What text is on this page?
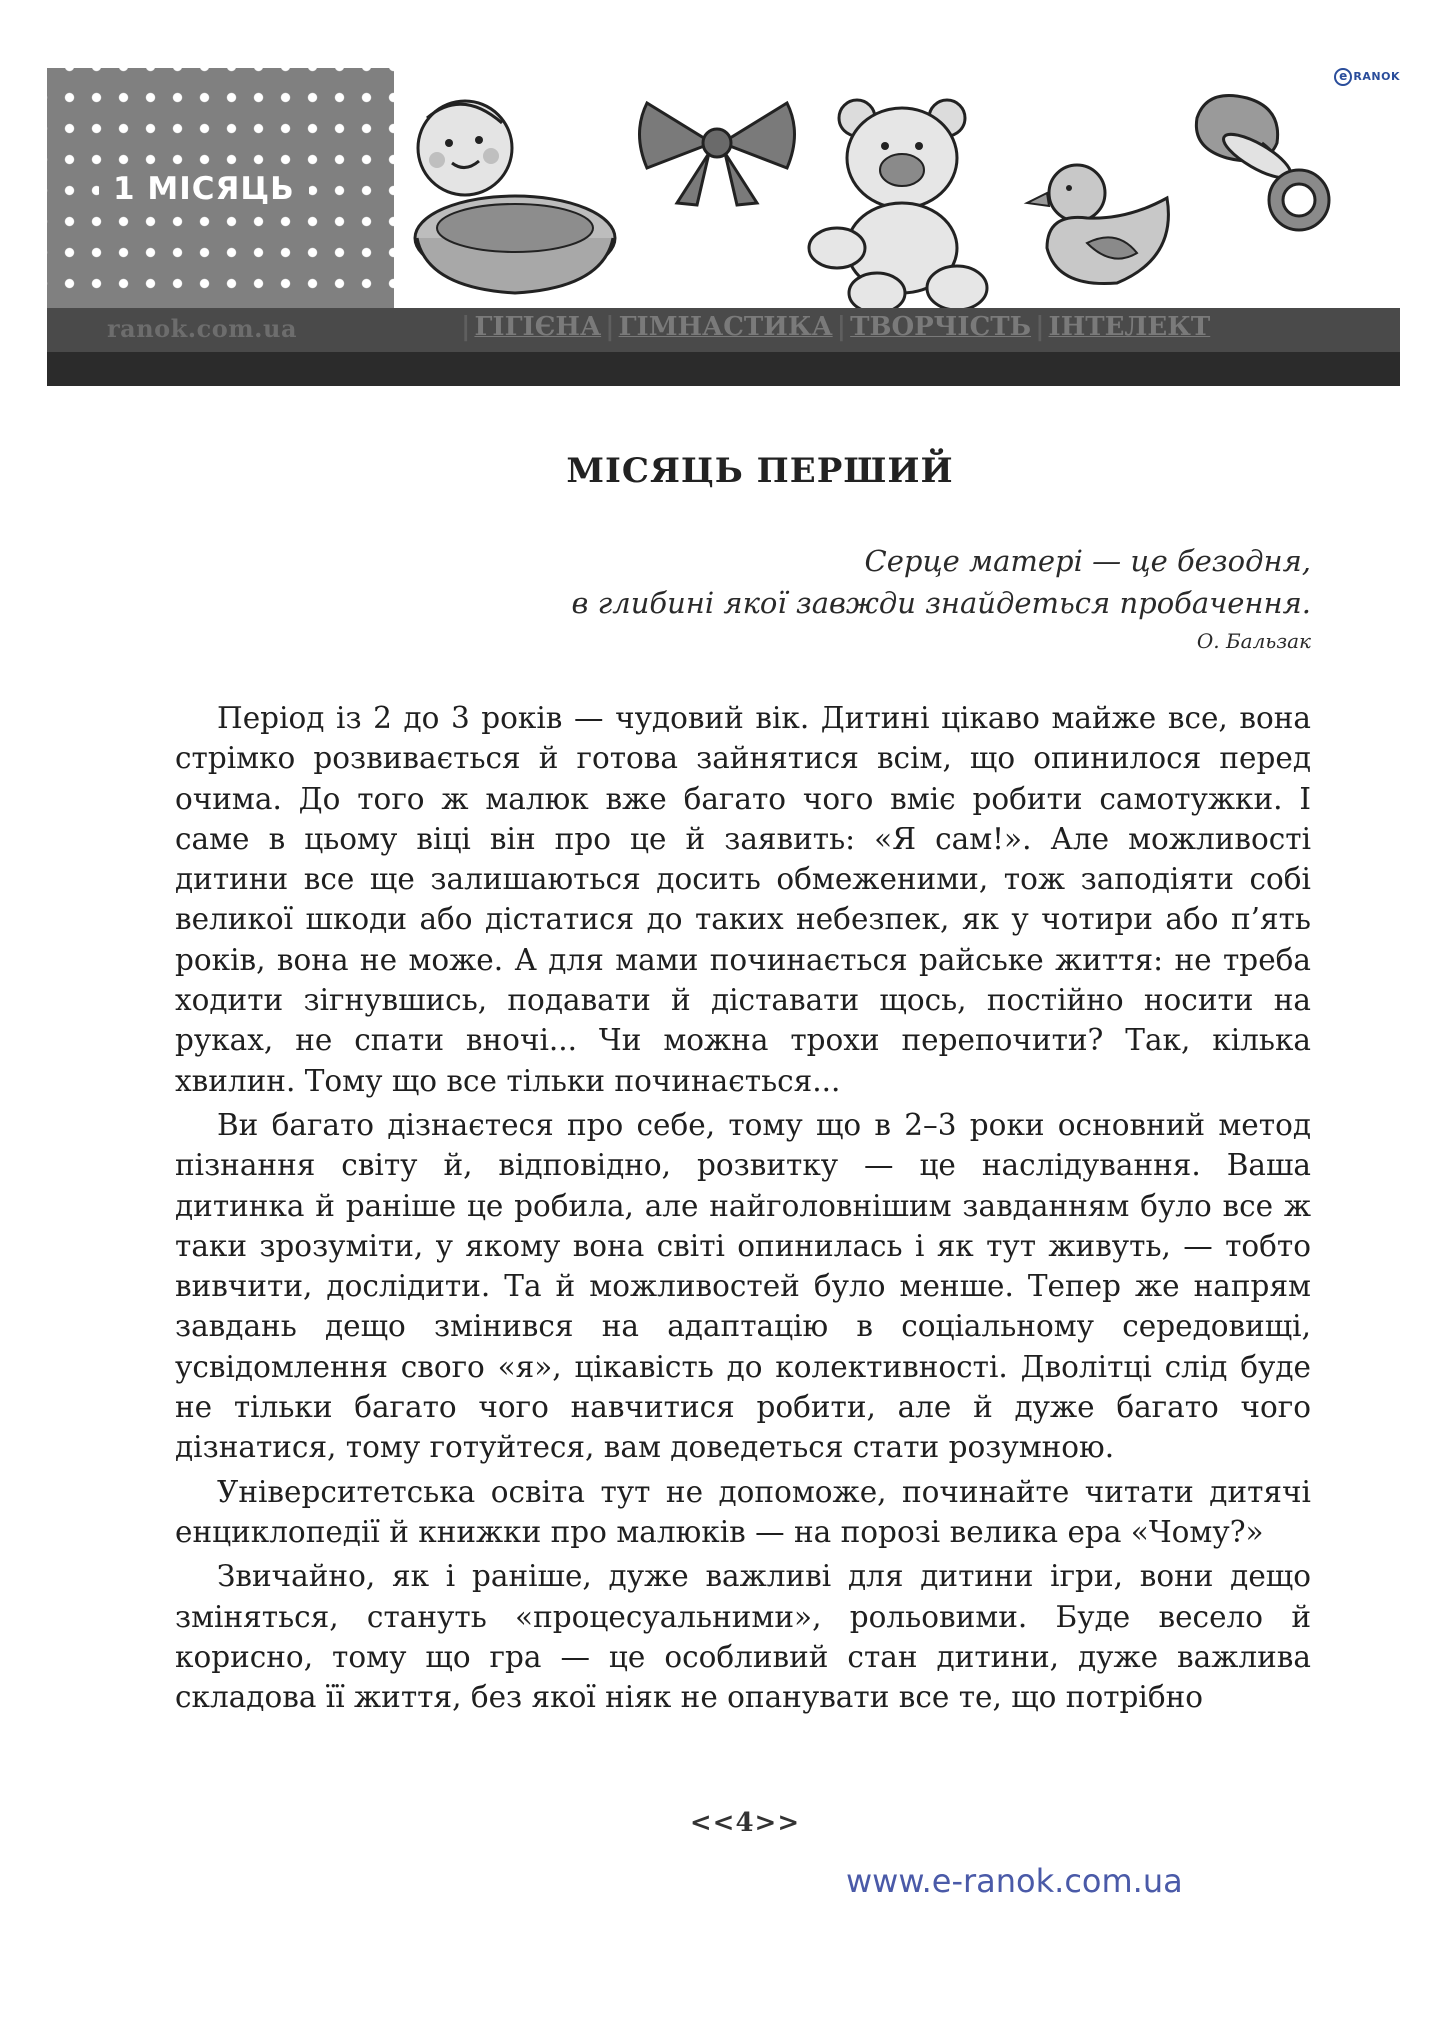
1 МІСЯЦЬ
e RANOK
ranok.com.ua	| ГІГІЄНА | ГІМНАСТИКА | ТВОРЧІСТЬ | ІНТЕЛЕКТ
МІСЯЦЬ ПЕРШИЙ
Серце матері — це безодня,
в глибині якої завжди знайдеться пробачення.
О. Бальзак

Період із 2 до 3 років — чудовий вік. Дитині цікаво майже все, вона стрімко розвивається й готова зайнятися всім, що опинилося перед очима. До того ж малюк вже багато чого вміє робити самотужки. І саме в цьому віці він про це й заявить: «Я сам!». Але можливості дитини все ще залишаються досить обмеженими, тож заподіяти собі великої шкоди або дістатися до таких небезпек, як у чотири або п’ять років, вона не може. А для мами починається райське життя: не треба ходити зігнувшись, подавати й діставати щось, постійно носити на руках, не спати вночі... Чи можна трохи перепочити? Так, кілька хвилин. Тому що все тільки починається...

Ви багато дізнаєтеся про себе, тому що в 2–3 роки основний метод пізнання світу й, відповідно, розвитку — це наслідування. Ваша дитинка й раніше це робила, але найголовнішим завданням було все ж таки зрозуміти, у якому вона світі опинилась і як тут живуть, — тобто вивчити, дослідити. Та й можливостей було менше. Тепер же напрям завдань дещо змінився на адаптацію в соціальному середовищі, усвідомлення свого «я», цікавість до колективності. Дволітці слід буде не тільки багато чого навчитися робити, але й дуже багато чого дізнатися, тому готуйтеся, вам доведеться стати розумною.

Університетська освіта тут не допоможе, починайте читати дитячі енциклопедії й книжки про малюків — на порозі велика ера «Чому?»

Звичайно, як і раніше, дуже важливі для дитини ігри, вони дещо зміняться, стануть «процесуальними», рольовими. Буде весело й корисно, тому що гра — це особливий стан дитини, дуже важлива складова її життя, без якої ніяк не опанувати все те, що потрібно

<<4>>
www.e-ranok.com.ua
